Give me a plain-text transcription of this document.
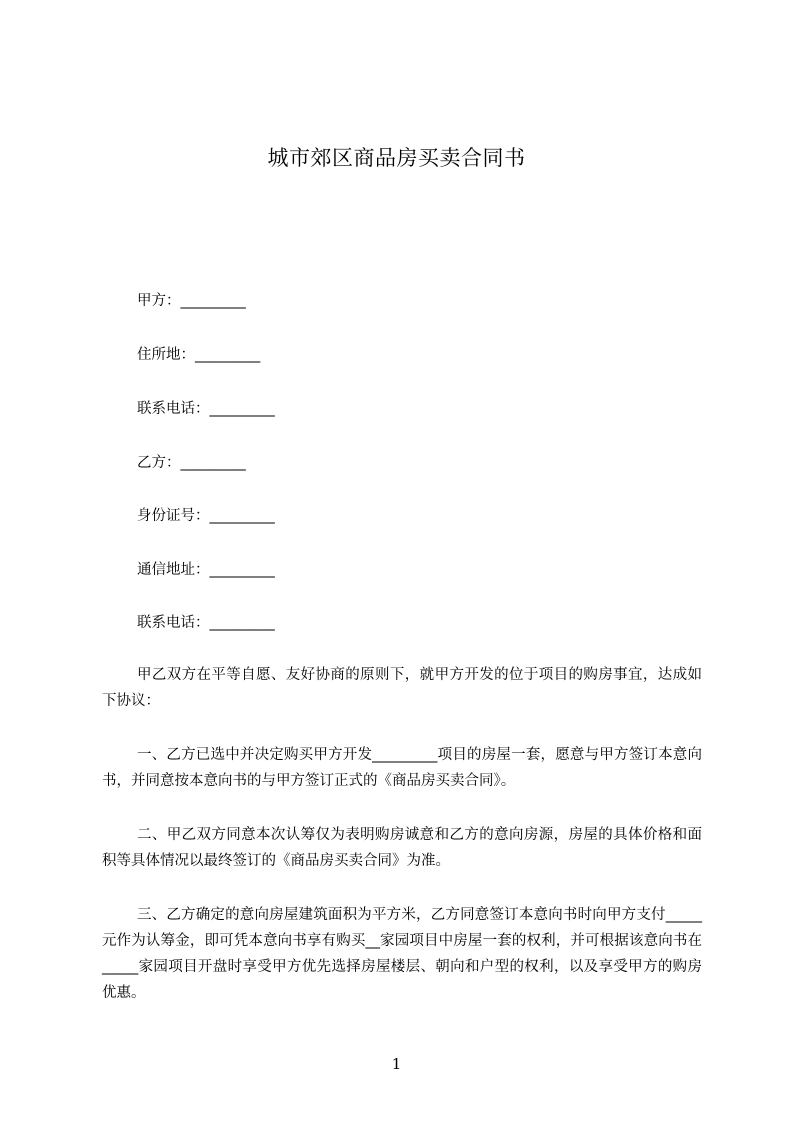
城市郊区商品房买卖合同书
甲方：_________
住所地：_________
联系电话：_________
乙方：_________
身份证号：_________
通信地址：_________
联系电话：_________

甲乙双方在平等自愿、友好协商的原则下，就甲方开发的位于项目的购房事宜，达成如下协议：

一、乙方已选中并决定购买甲方开发_________项目的房屋一套，愿意与甲方签订本意向书，并同意按本意向书的与甲方签订正式的《商品房买卖合同》。

二、甲乙双方同意本次认筹仅为表明购房诚意和乙方的意向房源，房屋的具体价格和面积等具体情况以最终签订的《商品房买卖合同》为准。

三、乙方确定的意向房屋建筑面积为平方米，乙方同意签订本意向书时向甲方支付_____元作为认筹金，即可凭本意向书享有购买__家园项目中房屋一套的权利，并可根据该意向书在_____家园项目开盘时享受甲方优先选择房屋楼层、朝向和户型的权利，以及享受甲方的购房优惠。

1
